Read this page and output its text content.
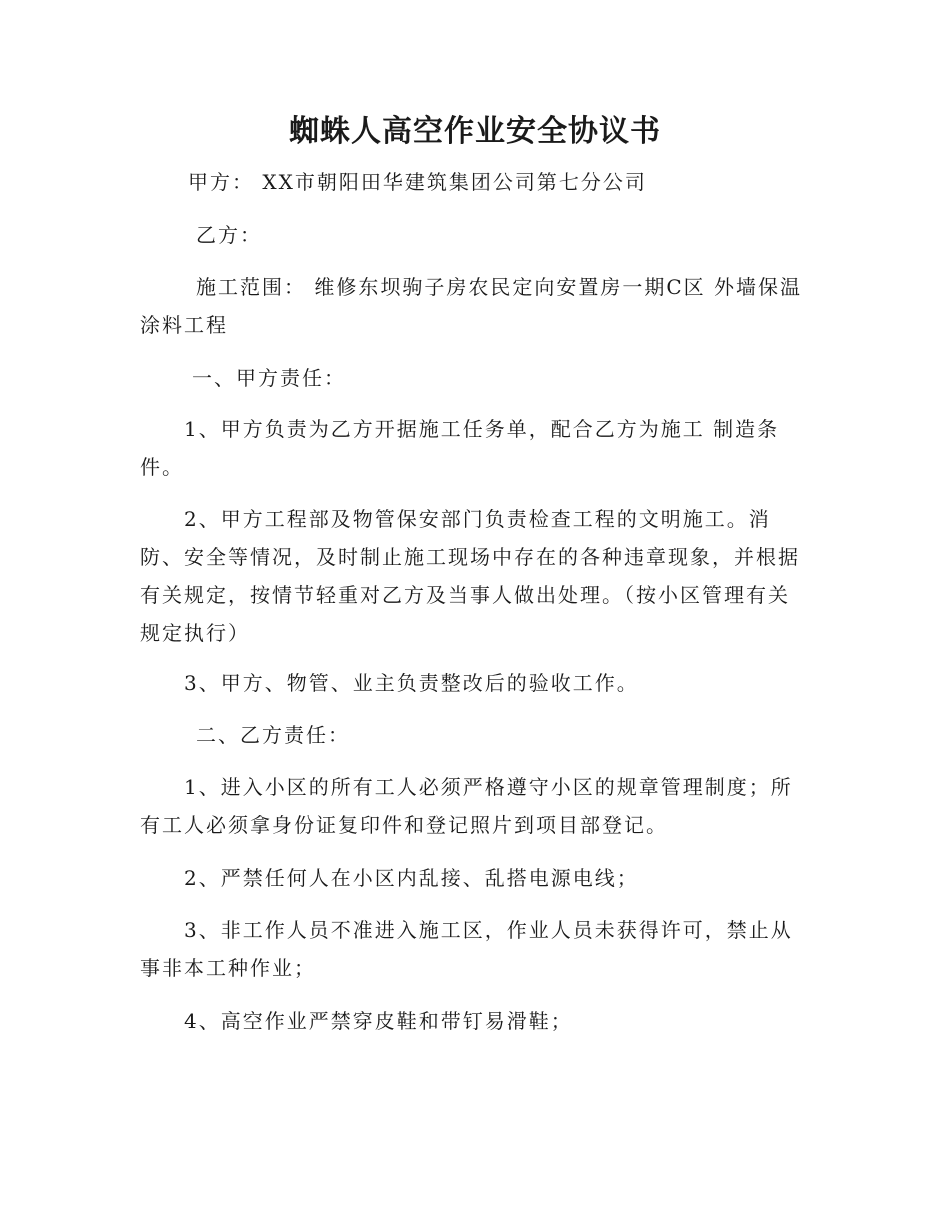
蜘蛛人高空作业安全协议书

甲方： XX市朝阳田华建筑集团公司第七分公司

乙方：

施工范围： 维修东坝驹子房农民定向安置房一期C区 外墙保温涂料工程

一、甲方责任：

1、甲方负责为乙方开据施工任务单，配合乙方为施工 制造条件。

2、甲方工程部及物管保安部门负责检查工程的文明施工。消防、安全等情况，及时制止施工现场中存在的各种违章现象，并根据有关规定，按情节轻重对乙方及当事人做出处理。（按小区管理有关规定执行）

3、甲方、物管、业主负责整改后的验收工作。

二、乙方责任：

1、进入小区的所有工人必须严格遵守小区的规章管理制度；所有工人必须拿身份证复印件和登记照片到项目部登记。

2、严禁任何人在小区内乱接、乱搭电源电线；

3、非工作人员不准进入施工区，作业人员未获得许可，禁止从事非本工种作业；

4、高空作业严禁穿皮鞋和带钉易滑鞋；
